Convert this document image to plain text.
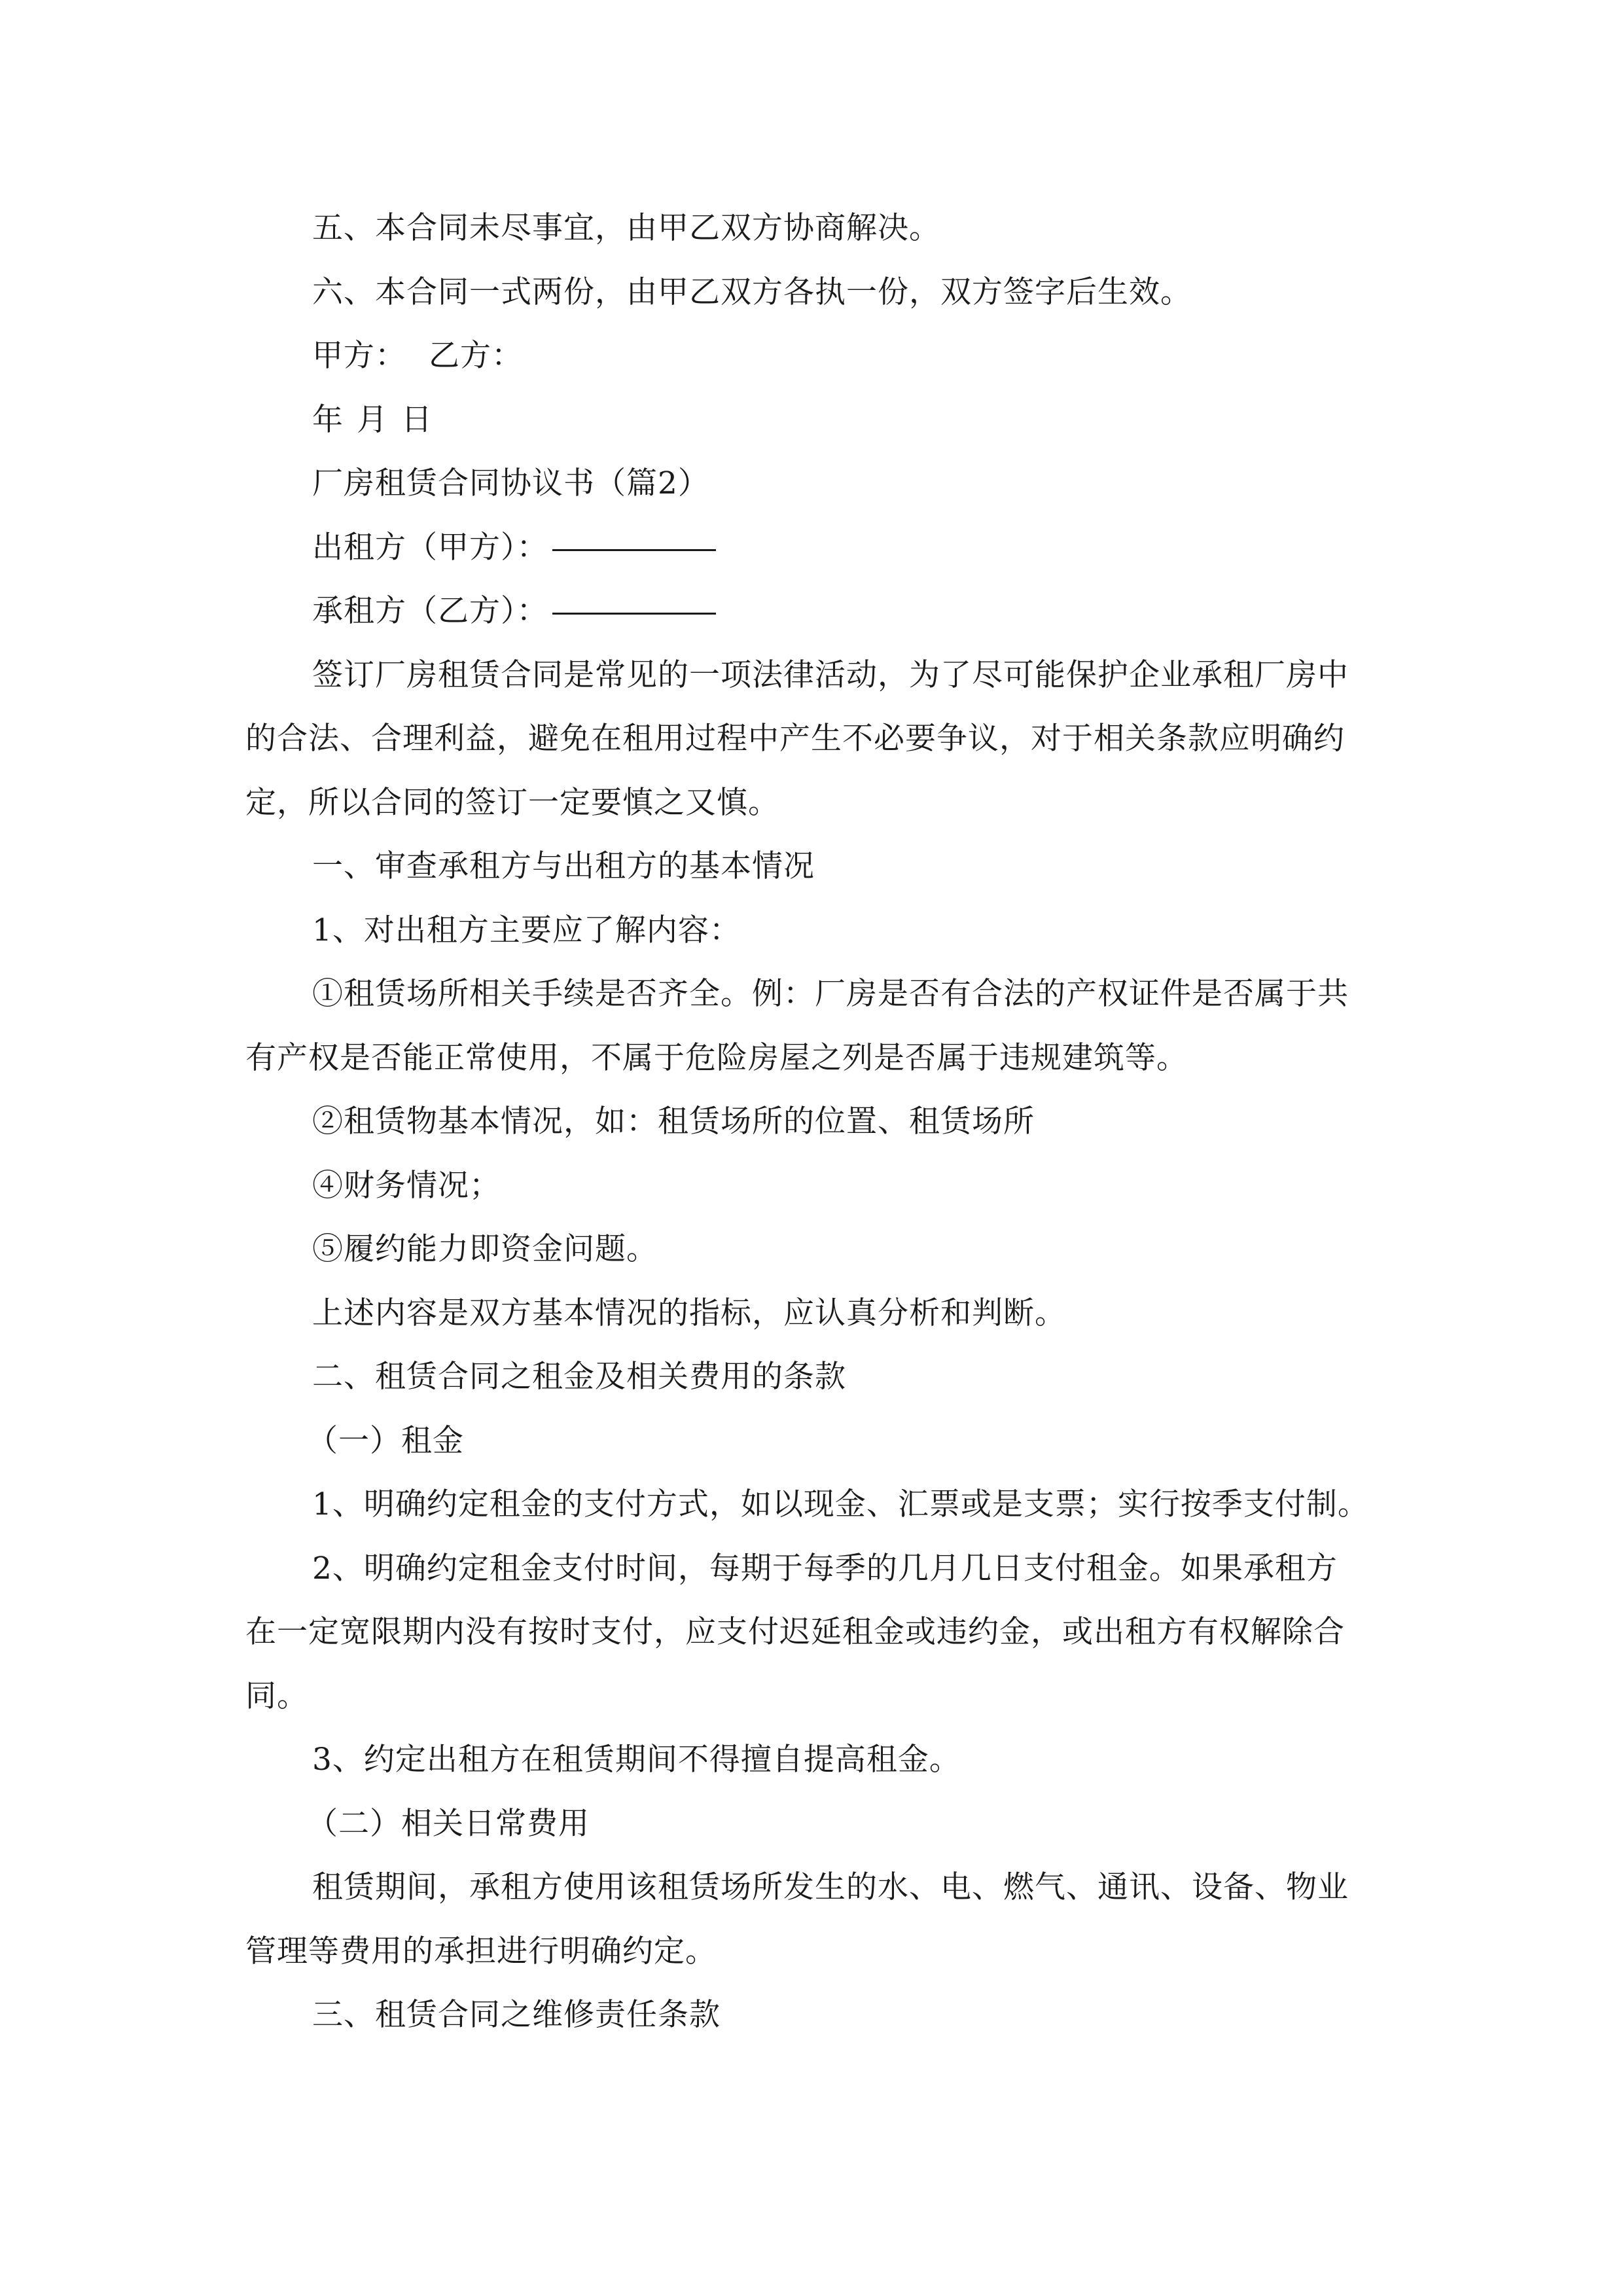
五、本合同未尽事宜，由甲乙双方协商解决。
六、本合同一式两份，由甲乙双方各执一份，双方签字后生效。
甲方： 乙方：
年 月 日
厂房租赁合同协议书（篇2）
出租方（甲方）：
承租方（乙方）：
签订厂房租赁合同是常见的一项法律活动，为了尽可能保护企业承租厂房中
的合法、合理利益，避免在租用过程中产生不必要争议，对于相关条款应明确约
定，所以合同的签订一定要慎之又慎。
一、审查承租方与出租方的基本情况
1、对出租方主要应了解内容：
①租赁场所相关手续是否齐全。例：厂房是否有合法的产权证件是否属于共
有产权是否能正常使用，不属于危险房屋之列是否属于违规建筑等。
②租赁物基本情况，如：租赁场所的位置、租赁场所
④财务情况；
⑤履约能力即资金问题。
上述内容是双方基本情况的指标，应认真分析和判断。
二、租赁合同之租金及相关费用的条款
（一）租金
1、明确约定租金的支付方式，如以现金、汇票或是支票；实行按季支付制。
2、明确约定租金支付时间，每期于每季的几月几日支付租金。如果承租方
在一定宽限期内没有按时支付，应支付迟延租金或违约金，或出租方有权解除合
同。
3、约定出租方在租赁期间不得擅自提高租金。
（二）相关日常费用
租赁期间，承租方使用该租赁场所发生的水、电、燃气、通讯、设备、物业
管理等费用的承担进行明确约定。
三、租赁合同之维修责任条款
